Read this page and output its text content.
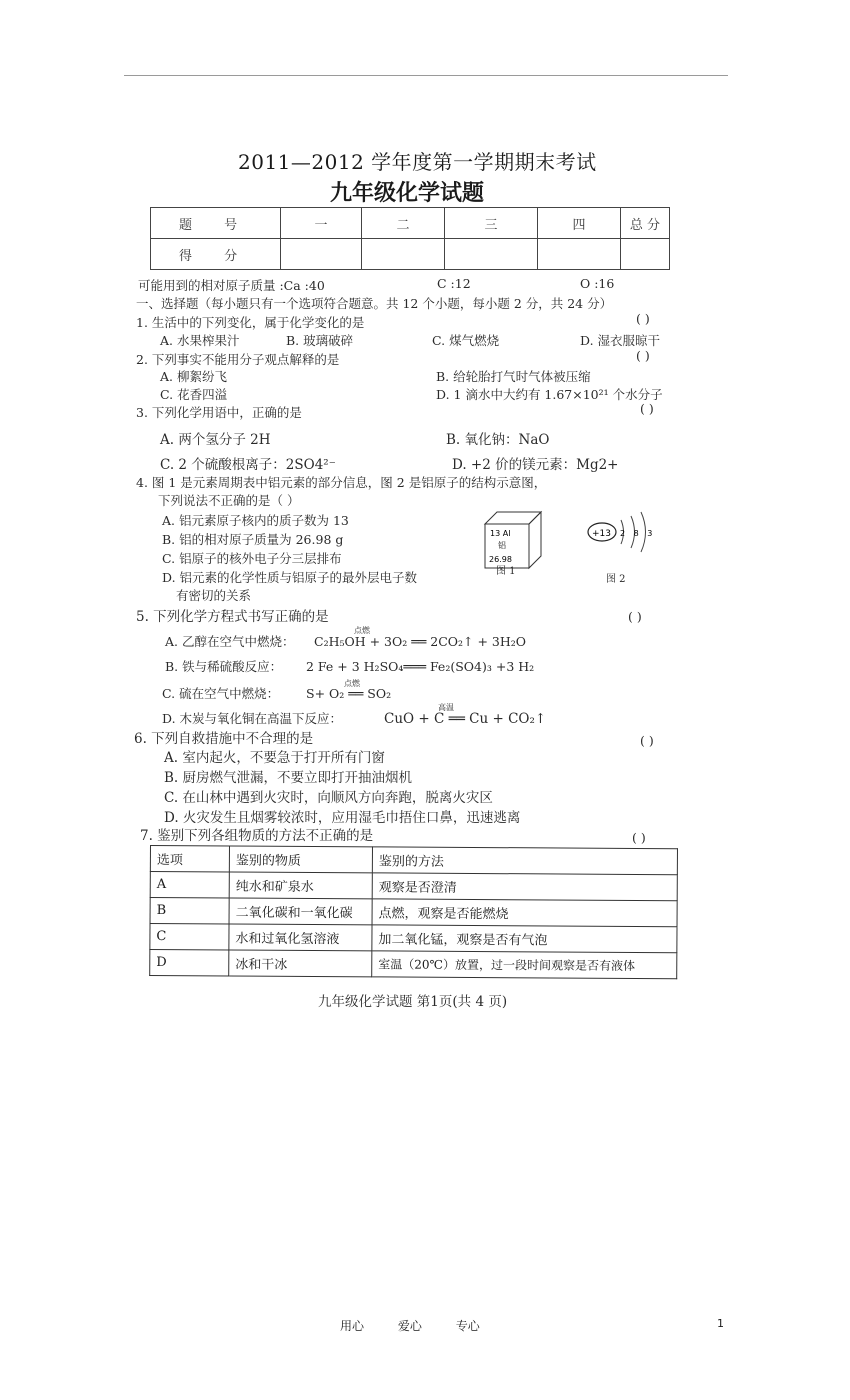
2011—2012 学年度第一学期期末考试
九年级化学试题
题 号	一	二	三	四	总 分
得 分					
可能用到的相对原子质量 :Ca :40	C :12	O :16
一、选择题（每小题只有一个选项符合题意。共 12 个小题，每小题 2 分，共 24 分）
1. 生活中的下列变化，属于化学变化的是	( )
A. 水果榨果汁	B. 玻璃破碎	C. 煤气燃烧	D. 湿衣服晾干
2. 下列事实不能用分子观点解释的是	( )
A. 柳絮纷飞	B. 给轮胎打气时气体被压缩
C. 花香四溢	D. 1 滴水中大约有 1.67×10²¹ 个水分子
3. 下列化学用语中，正确的是	( )
A. 两个氢分子 2H	B. 氧化钠：NaO
C. 2 个硫酸根离子：2SO4²⁻	D. +2 价的镁元素：Mg2+
4. 图 1 是元素周期表中铝元素的部分信息，图 2 是铝原子的结构示意图，
下列说法不正确的是（ ）
A. 铝元素原子核内的质子数为 13
B. 铝的相对原子质量为 26.98 g
C. 铝原子的核外电子分三层排布
D. 铝元素的化学性质与铝原子的最外层电子数
有密切的关系
13 Al
铝
26.98
图 1
+13 2 8 3
图 2
5. 下列化学方程式书写正确的是	( )
A. 乙醇在空气中燃烧：
点燃
C₂H₅OH + 3O₂ ══ 2CO₂↑ + 3H₂O
B. 铁与稀硫酸反应： 2 Fe + 3 H₂SO₄═══ Fe₂(SO4)₃ +3 H₂
C. 硫在空气中燃烧：
点燃
S+ O₂ ══ SO₂
D. 木炭与氧化铜在高温下反应：
高温
CuO + C ══ Cu + CO₂↑
6. 下列自救措施中不合理的是	( )
A. 室内起火，不要急于打开所有门窗
B. 厨房燃气泄漏，不要立即打开抽油烟机
C. 在山林中遇到火灾时，向顺风方向奔跑，脱离火灾区
D. 火灾发生且烟雾较浓时，应用湿毛巾捂住口鼻，迅速逃离
7. 鉴别下列各组物质的方法不正确的是	( )
选项	鉴别的物质	鉴别的方法
A	纯水和矿泉水	观察是否澄清
B	二氧化碳和一氧化碳	点燃，观察是否能燃烧
C	水和过氧化氢溶液	加二氧化锰，观察是否有气泡
D	冰和干冰	室温（20℃）放置，过一段时间观察是否有液体
九年级化学试题 第1页(共 4 页)
用心	爱心	专心	1
